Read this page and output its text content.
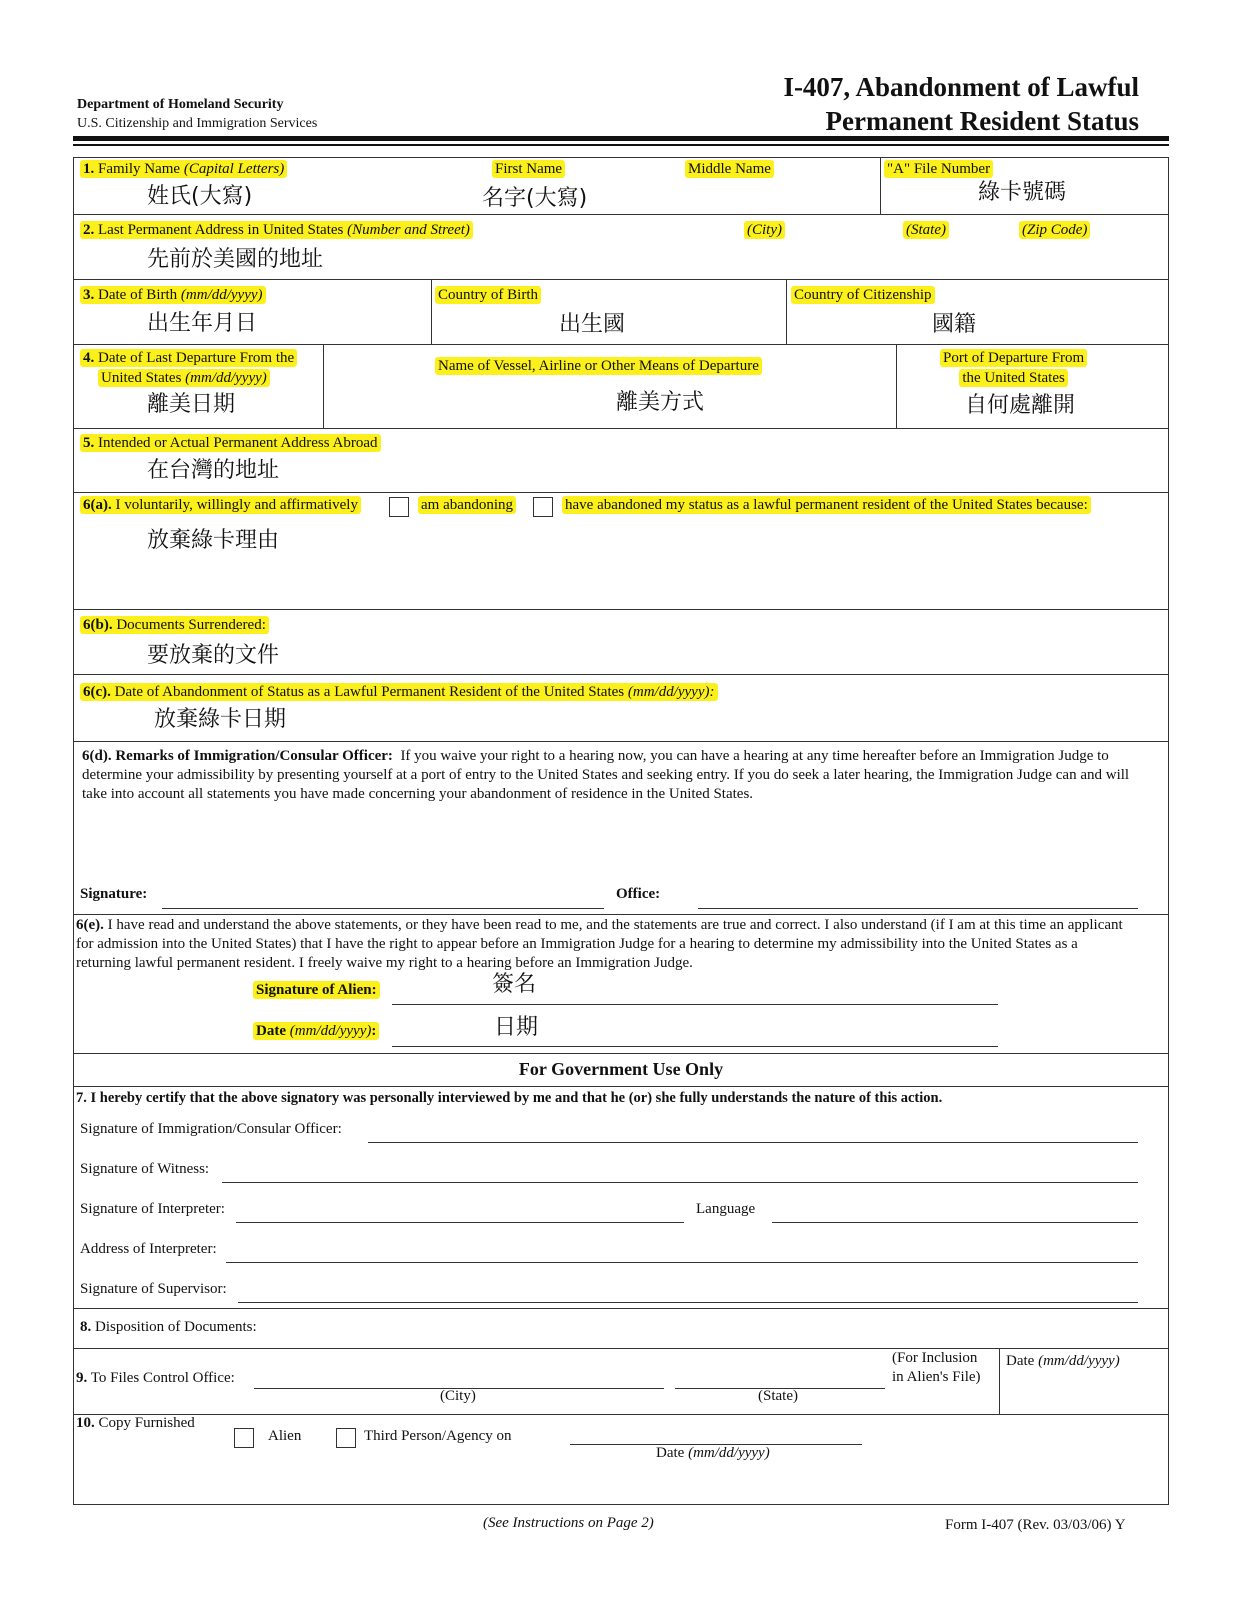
Department of Homeland Security
U.S. Citizenship and Immigration Services
I-407, Abandonment of Lawful
Permanent Resident Status
1. Family Name (Capital Letters)
姓氏(大寫)
First Name
名字(大寫)
Middle Name	"A" File Number
綠卡號碼
2. Last Permanent Address in United States (Number and Street)	(City)	(State)	(Zip Code)
先前於美國的地址
3. Date of Birth (mm/dd/yyyy)
出生年月日
Country of Birth
出生國
Country of Citizenship
國籍
4. Date of Last Departure From the
United States (mm/dd/yyyy)
離美日期
Name of Vessel, Airline or Other Means of Departure
離美方式
Port of Departure From
the United States
自何處離開
5. Intended or Actual Permanent Address Abroad
在台灣的地址
6(a). I voluntarily, willingly and affirmatively	am abandoning	have abandoned my status as a lawful permanent resident of the United States because:
放棄綠卡理由
6(b). Documents Surrendered:
要放棄的文件
6(c). Date of Abandonment of Status as a Lawful Permanent Resident of the United States (mm/dd/yyyy):
放棄綠卡日期
6(d). Remarks of Immigration/Consular Officer: If you waive your right to a hearing now, you can have a hearing at any time hereafter before an Immigration Judge to determine your admissibility by presenting yourself at a port of entry to the United States and seeking entry. If you do seek a later hearing, the Immigration Judge can and will take into account all statements you have made concerning your abandonment of residence in the United States.
Signature:	Office:
6(e). I have read and understand the above statements, or they have been read to me, and the statements are true and correct. I also understand (if I am at this time an applicant for admission into the United States) that I have the right to appear before an Immigration Judge for a hearing to determine my admissibility into the United States as a returning lawful permanent resident. I freely waive my right to a hearing before an Immigration Judge.
Signature of Alien:	簽名
Date (mm/dd/yyyy):	日期
For Government Use Only
7. I hereby certify that the above signatory was personally interviewed by me and that he (or) she fully understands the nature of this action.
Signature of Immigration/Consular Officer:
Signature of Witness:
Signature of Interpreter:	Language
Address of Interpreter:
Signature of Supervisor:
8. Disposition of Documents:
9. To Files Control Office:
(City)	(State)
(For Inclusion
in Alien's File)
Date (mm/dd/yyyy)
10. Copy Furnished
Alien	Third Person/Agency on
Date (mm/dd/yyyy)
(See Instructions on Page 2)	Form I-407 (Rev. 03/03/06) Y
